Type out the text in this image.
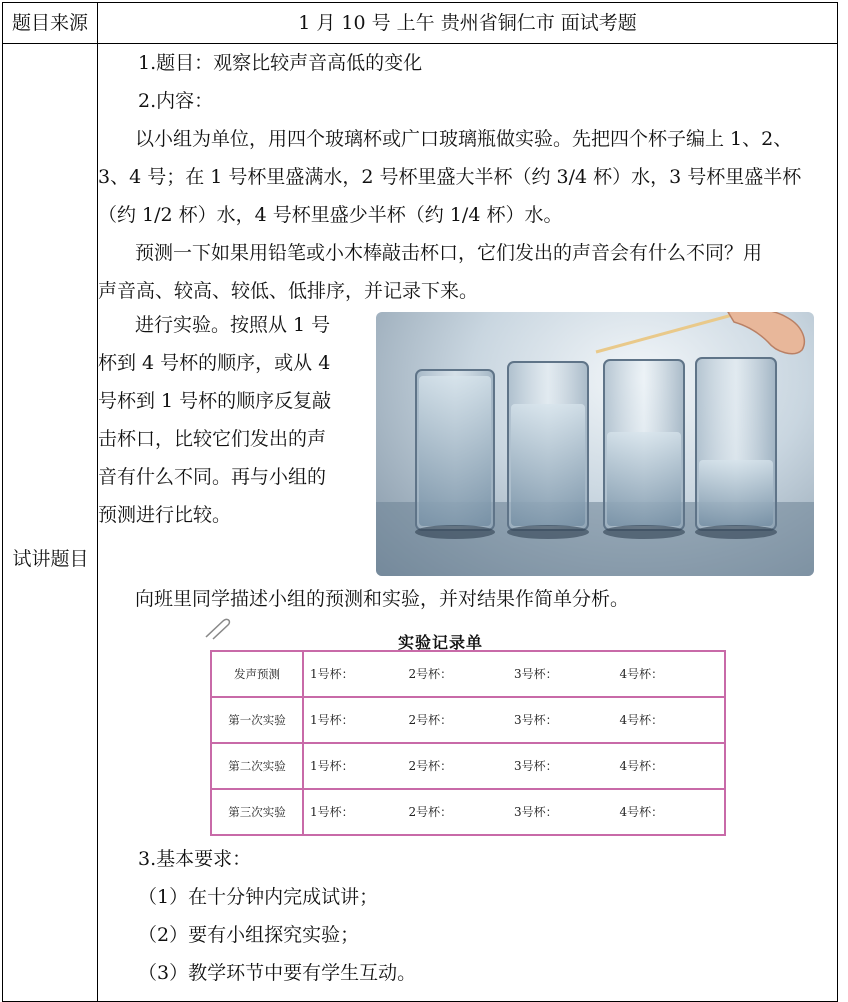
题目来源	1 月 10 号 上午 贵州省铜仁市 面试考题

试讲题目

1.题目：观察比较声音高低的变化

2.内容：

以小组为单位，用四个玻璃杯或广口玻璃瓶做实验。先把四个杯子编上 1、2、

3、4 号；在 1 号杯里盛满水，2 号杯里盛大半杯（约 3/4 杯）水，3 号杯里盛半杯

（约 1/2 杯）水，4 号杯里盛少半杯（约 1/4 杯）水。

预测一下如果用铅笔或小木棒敲击杯口，它们发出的声音会有什么不同？用

声音高、较高、较低、低排序，并记录下来。

进行实验。按照从 1 号

杯到 4 号杯的顺序，或从 4

号杯到 1 号杯的顺序反复敲

击杯口，比较它们发出的声

音有什么不同。再与小组的

预测进行比较。

向班里同学描述小组的预测和实验，并对结果作简单分析。

实验记录单
发声预测	1号杯：	2号杯：	3号杯：	4号杯：
第一次实验	1号杯：	2号杯：	3号杯：	4号杯：
第二次实验	1号杯：	2号杯：	3号杯：	4号杯：
第三次实验	1号杯：	2号杯：	3号杯：	4号杯：

3.基本要求：

（1）在十分钟内完成试讲；

（2）要有小组探究实验；

（3）教学环节中要有学生互动。
